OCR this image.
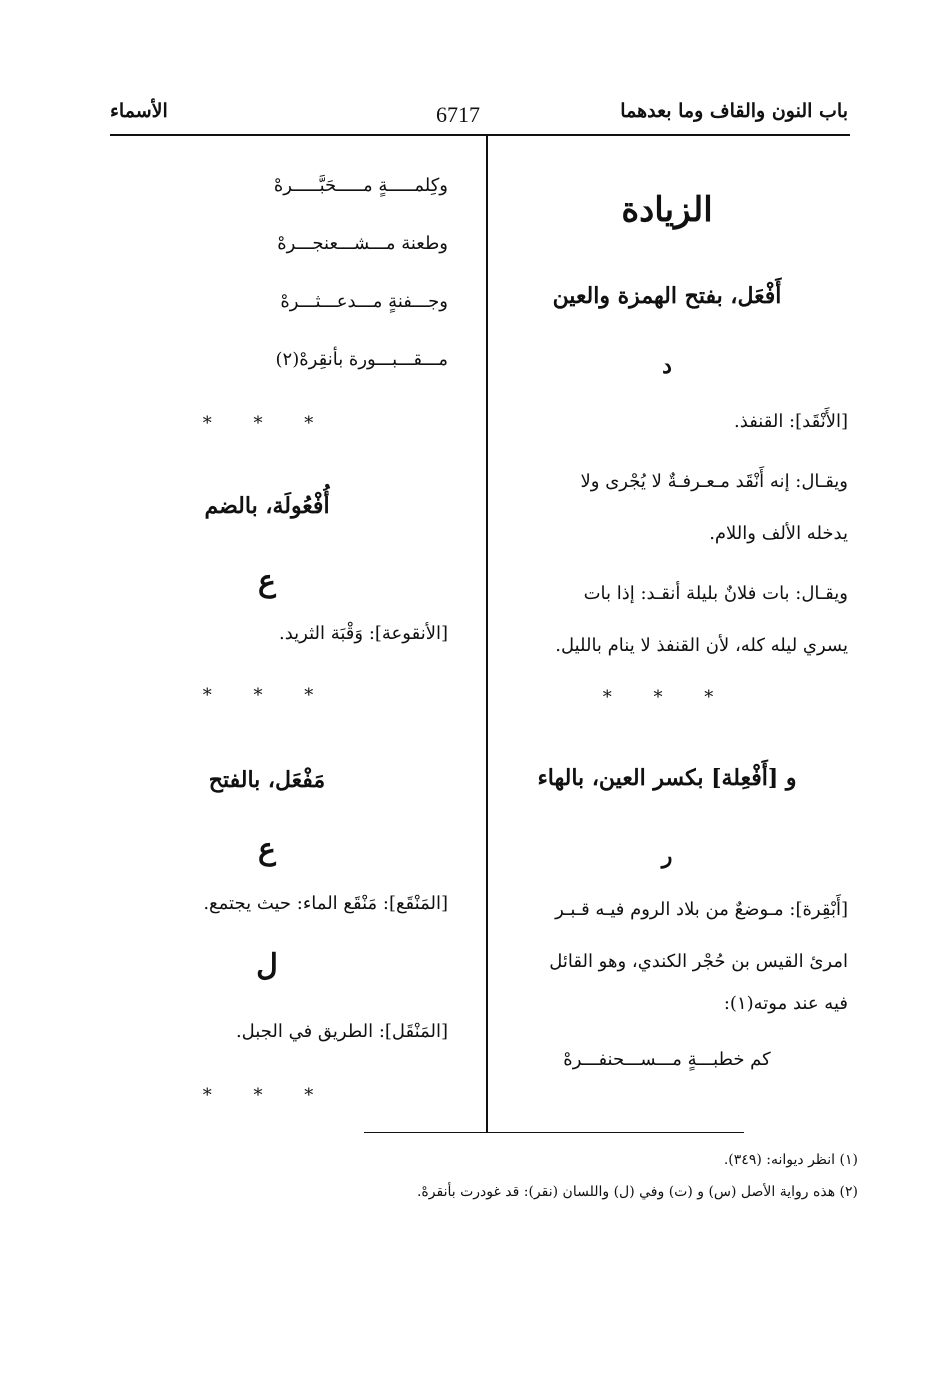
باب النون والقاف وما بعدهما
6717
الأسماء
الزيادة
أَفْعَل، بفتح الهمزة والعين
د
[الأَنْقَد]: القنفذ.
ويقـال: إنه أَنْقَد مـعـرفـةٌ لا يُجْرى ولا
يدخله الألف واللام.
ويقـال: بات فلانٌ بليلة أنقـد: إذا بات
يسري ليله كله، لأن القنفذ لا ينام بالليل.
* * *
و [أَفْعِلة] بكسر العين، بالهاء
ر
[أَبْقِرة]: مـوضعٌ من بلاد الروم فيـه قـبـر
امرئ القيس بن حُجْر الكندي، وهو القائل
فيه عند موته(١):
كم خطبـــةٍ مـــســـحنفـــرهْ
وكِلمـــــةٍ مـــــحَبَّـــــرهْ
وطعنة مـــشـــعنجـــرهْ
وجـــفنةٍ مـــدعـــثـــرهْ
مـــقـــبـــورة بأنقِرهْ(٢)
* * *
أُفْعُولَة، بالضم
ع
[الأنقوعة]: وَقْبَة الثريد.
* * *
مَفْعَل، بالفتح
ع
[المَنْقَع]: مَنْقَع الماء: حيث يجتمع.
ل
[المَنْقَل]: الطريق في الجبل.
* * *
(١) انظر ديوانه: (٣٤٩).
(٢) هذه رواية الأصل (س) و (ت) وفي (ل) واللسان (نقر): قد غودرت بأنقرهْ.
